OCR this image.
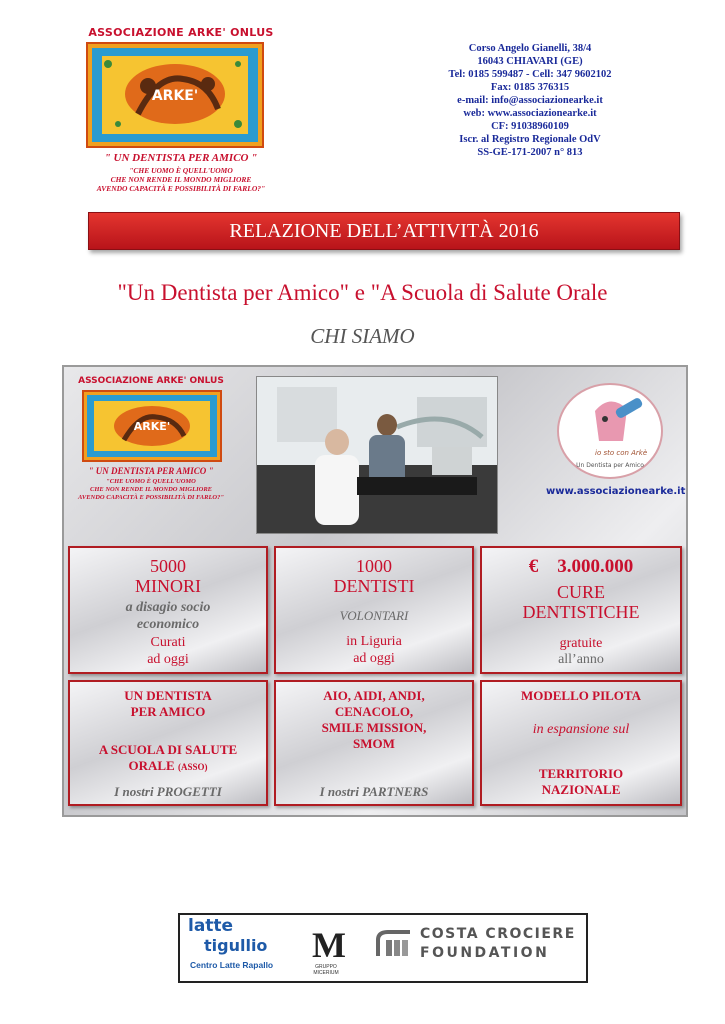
ASSOCIAZIONE ARKE' ONLUS
ARKE'
" UN DENTISTA PER AMICO "
"CHE UOMO È QUELL'UOMO
CHE NON RENDE IL MONDO MIGLIORE
AVENDO CAPACITÀ E POSSIBILITÀ DI FARLO?"
Corso Angelo Gianelli, 38/4
16043 CHIAVARI (GE)
Tel: 0185 599487 - Cell: 347 9602102
Fax: 0185 376315
e-mail: info@associazionearke.it
web: www.associazionearke.it
CF: 91038960109
Iscr. al Registro Regionale OdV
SS-GE-171-2007 n° 813
RELAZIONE DELL’ATTIVITÀ 2016
"Un Dentista per Amico" e "A Scuola di Salute Orale
CHI SIAMO
ASSOCIAZIONE ARKE' ONLUS
ARKE'
" UN DENTISTA PER AMICO "
"CHE UOMO È QUELL'UOMO
CHE NON RENDE IL MONDO MIGLIORE
AVENDO CAPACITÀ E POSSIBILITÀ DI FARLO?"
io sto con Arkè
Un Dentista per Amico
www.associazionearke.it
5000
MINORI
a disagio socio
economico
Curati
ad oggi
1000
DENTISTI
VOLONTARI
in Liguria
ad oggi
€    3.000.000
CURE
DENTISTICHE
gratuite
all’anno
UN DENTISTA
PER AMICO
A SCUOLA DI SALUTE
ORALE (ASSO)
I nostri PROGETTI
AIO, AIDI, ANDI,
CENACOLO,
SMILE MISSION,
SMOM
I nostri PARTNERS
MODELLO PILOTA
in espansione sul
TERRITORIO
NAZIONALE
latte
tigullio
Centro Latte Rapallo M
GRUPPO MICERIUM
COSTA CROCIERE
FOUNDATION
